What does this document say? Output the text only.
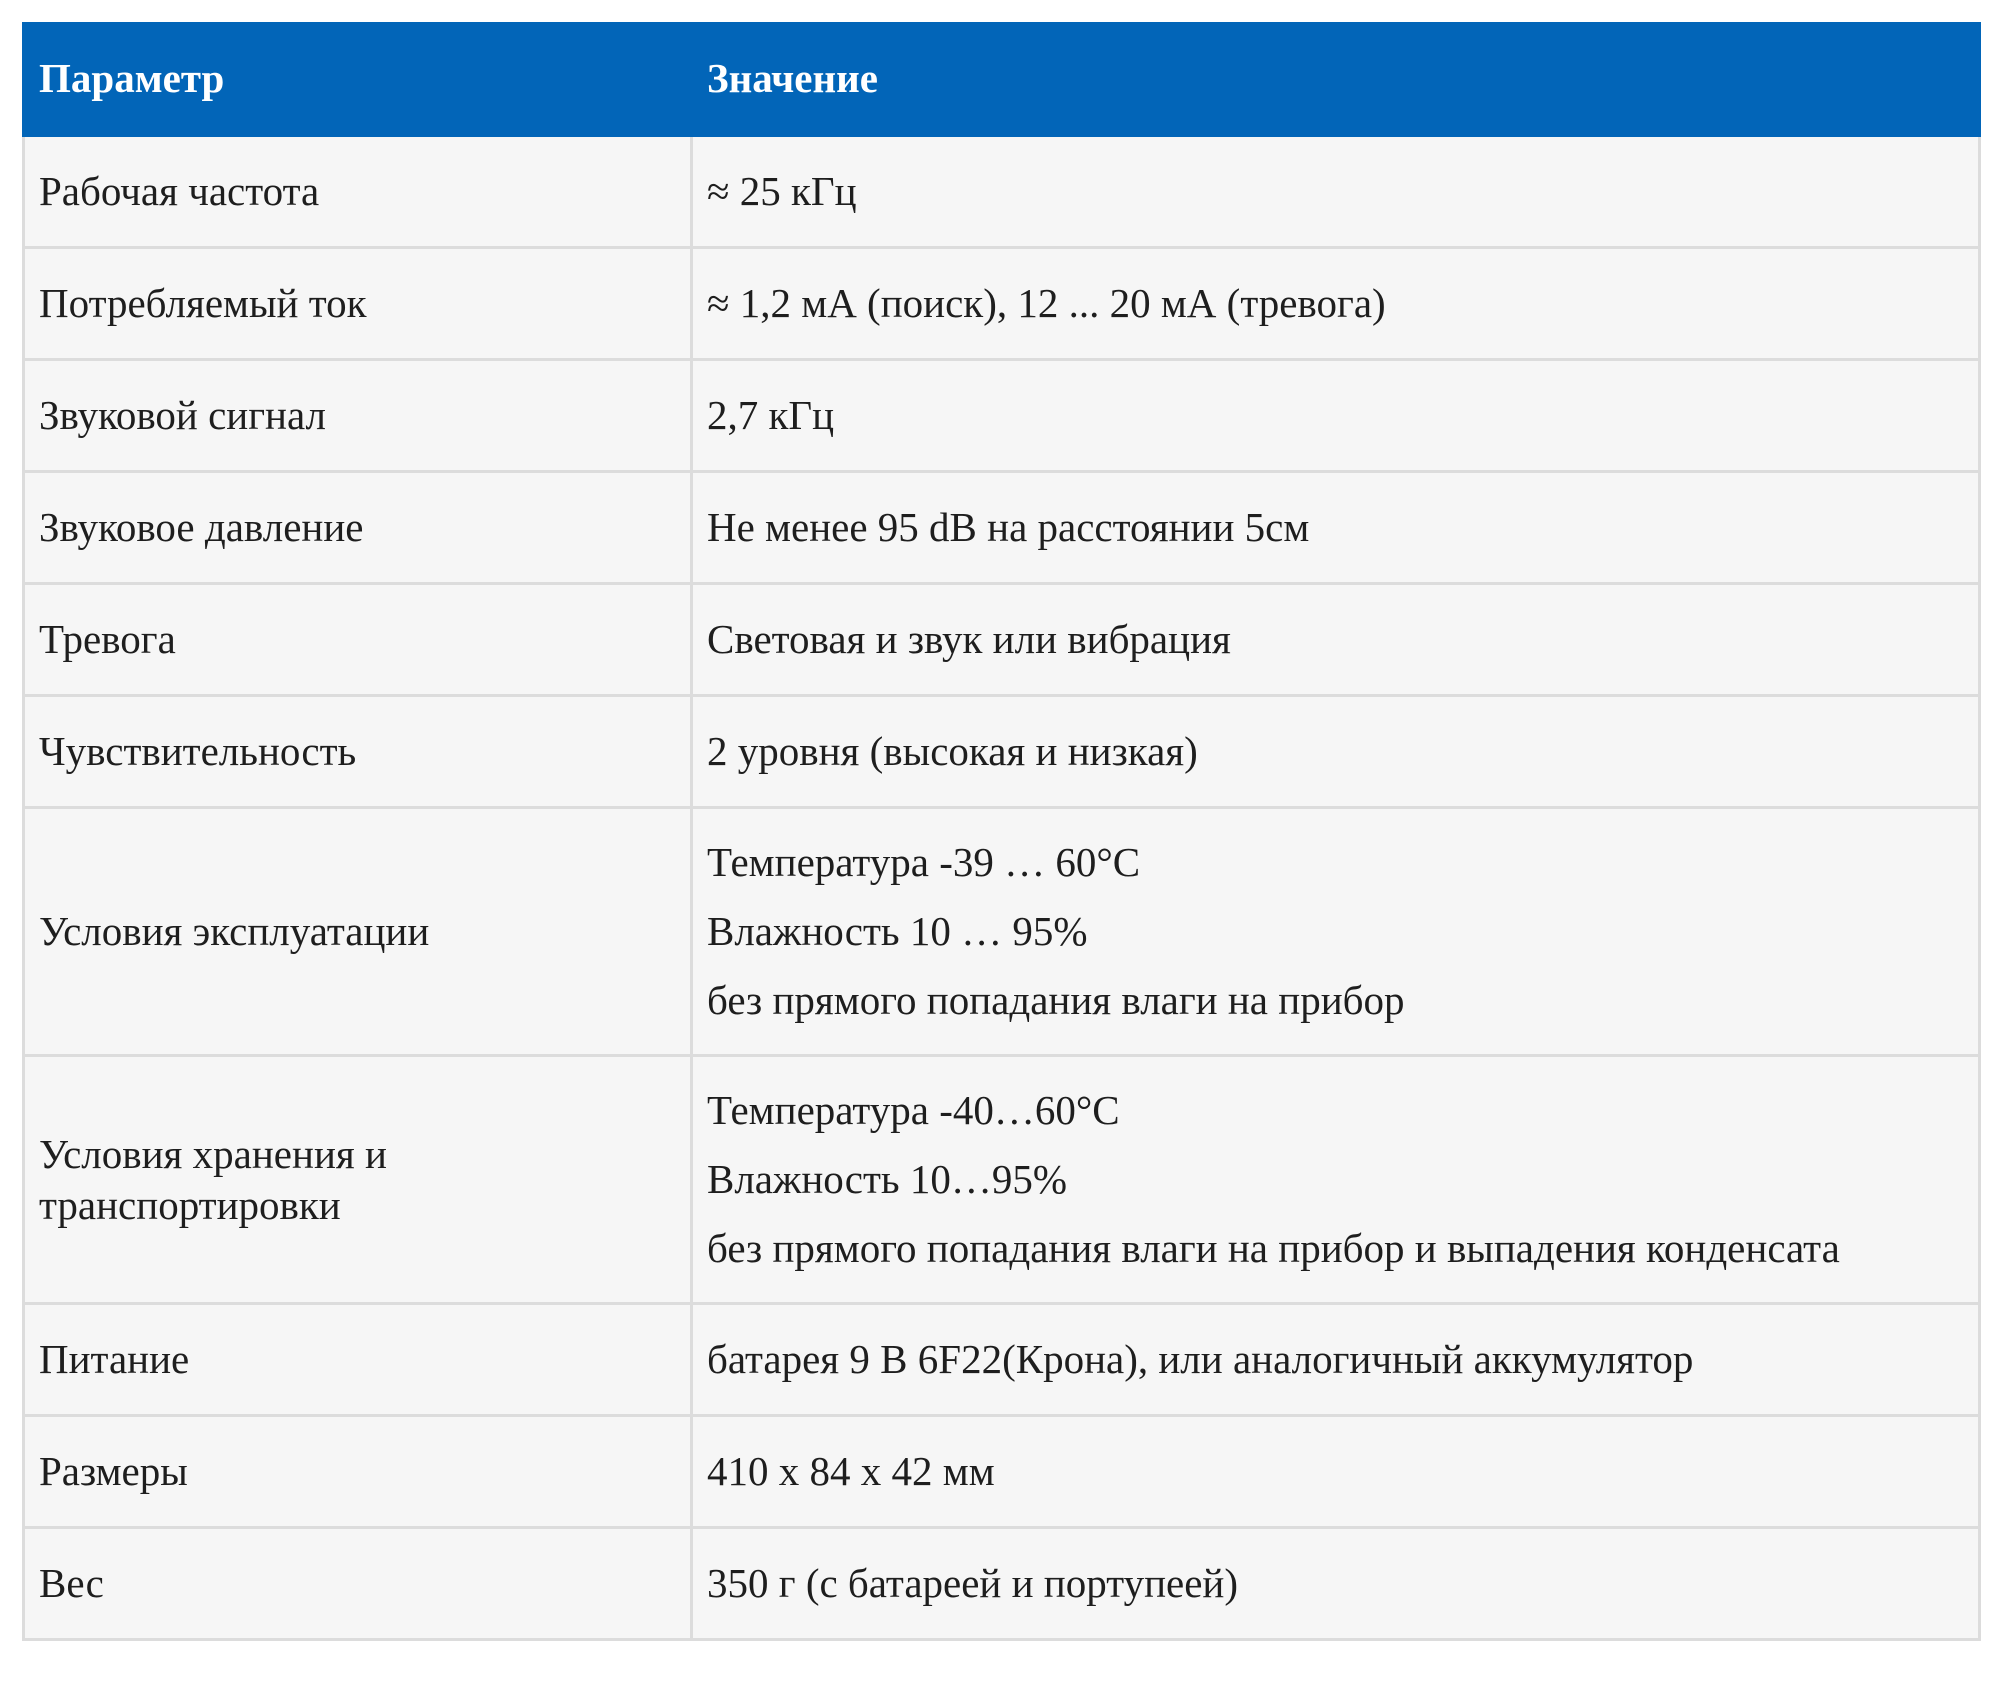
Параметр	Значение
Рабочая частота	≈ 25 кГц
Потребляемый ток	≈ 1,2 мА (поиск), 12 ... 20 мА (тревога)
Звуковой сигнал	2,7 кГц
Звуковое давление	Не менее 95 dB на расстоянии 5см
Тревога	Световая и звук или вибрация
Чувствительность	2 уровня (высокая и низкая)
Условия эксплуатации	Температура -39 … 60°C
Влажность 10 … 95%
без прямого попадания влаги на прибор

Условия хранения и
транспортировки	Температура -40…60°C
Влажность 10…95%
без прямого попадания влаги на прибор и выпадения конденсата

Питание	батарея 9 В 6F22(Крона), или аналогичный аккумулятор
Размеры	410 x 84 x 42 мм
Вес	350 г (с батареей и портупеей)
